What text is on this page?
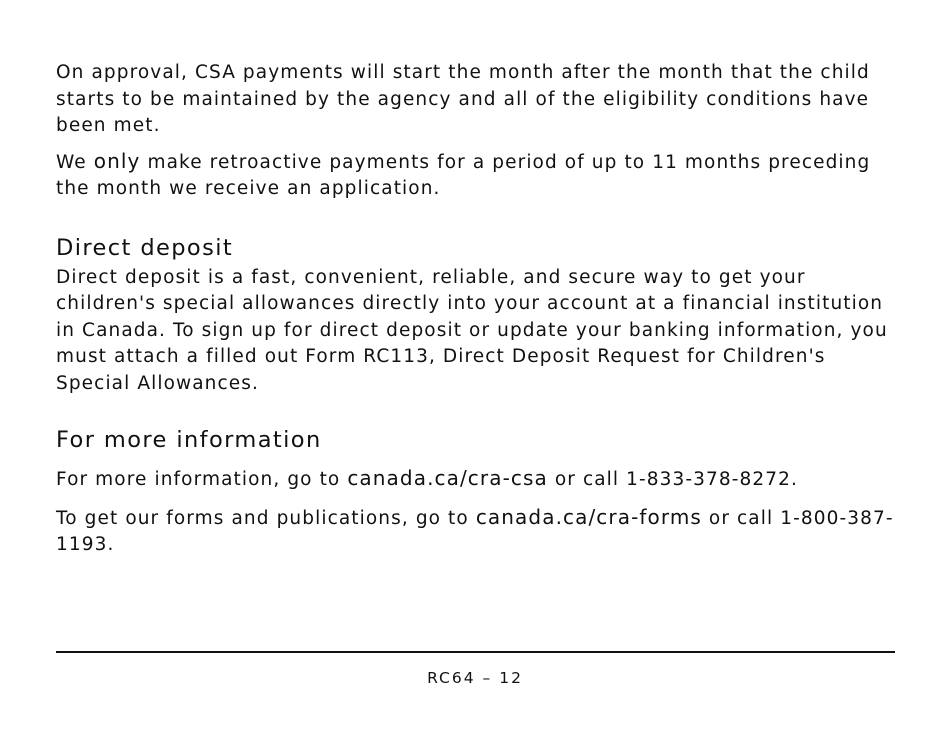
On approval, CSA payments will start the month after the month that the child starts to be maintained by the agency and all of the eligibility conditions have been met.

We only make retroactive payments for a period of up to 11 months preceding the month we receive an application.

Direct deposit

Direct deposit is a fast, convenient, reliable, and secure way to get your children's special allowances directly into your account at a financial institution in Canada. To sign up for direct deposit or update your banking information, you must attach a filled out Form RC113, Direct Deposit Request for Children's Special Allowances.

For more information

For more information, go to canada.ca/cra-csa or call 1-833-378-8272.

To get our forms and publications, go to canada.ca/cra-forms or call 1-800-387-1193.

RC64 – 12
